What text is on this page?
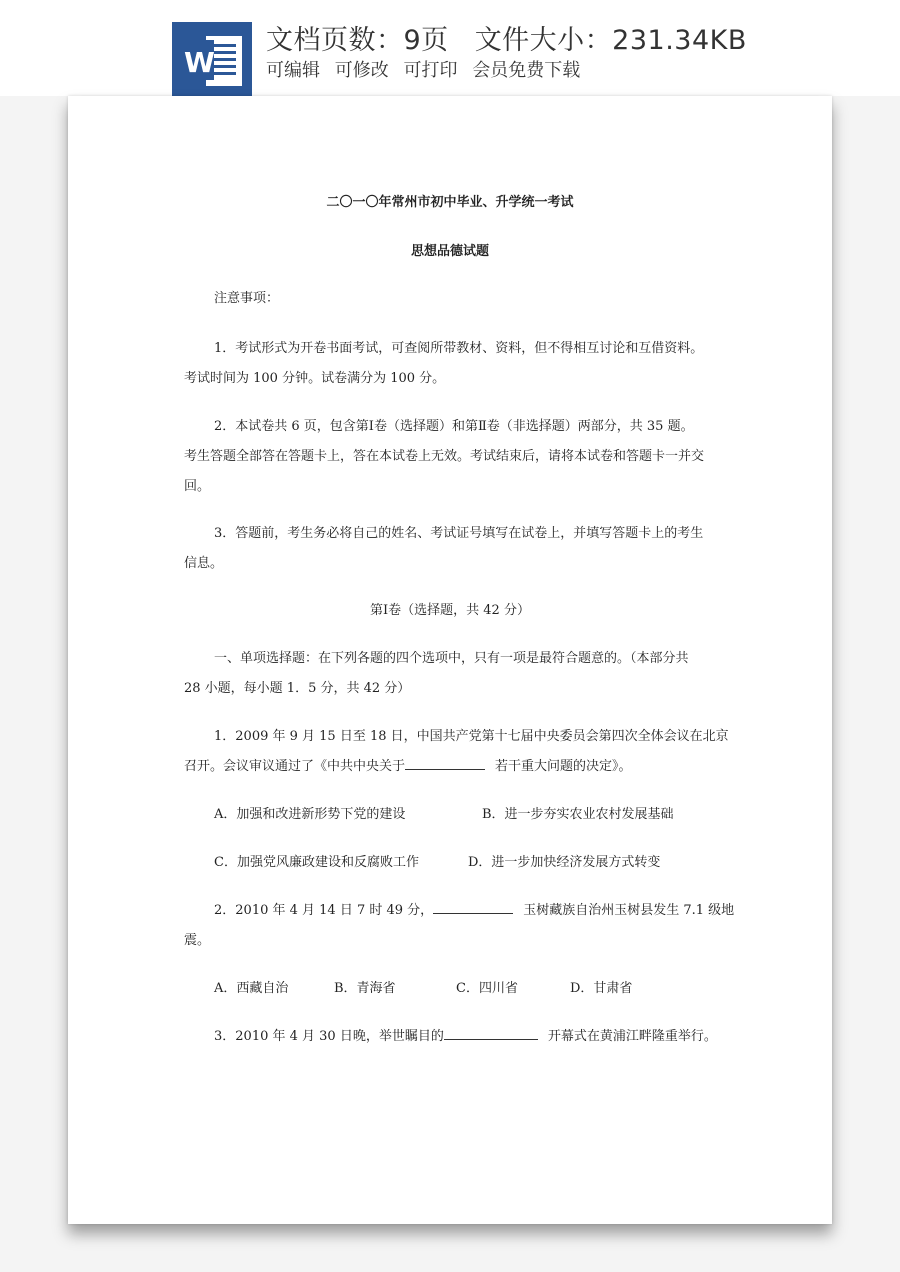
W
文档页数：9页 文件大小：231.34KB
可编辑 可修改 可打印 会员免费下载
二〇一〇年常州市初中毕业、升学统一考试
思想品德试题
注意事项：
1．考试形式为开卷书面考试，可查阅所带教材、资料，但不得相互讨论和互借资料。
考试时间为 100 分钟。试卷满分为 100 分。
2．本试卷共 6 页，包含第Ⅰ卷（选择题）和第Ⅱ卷（非选择题）两部分，共 35 题。
考生答题全部答在答题卡上，答在本试卷上无效。考试结束后，请将本试卷和答题卡一并交
回。
3．答题前，考生务必将自己的姓名、考试证号填写在试卷上，并填写答题卡上的考生
信息。
第Ⅰ卷（选择题，共 42 分）
一、单项选择题：在下列各题的四个选项中，只有一项是最符合题意的。（本部分共
28 小题，每小题 1．5 分，共 42 分）
1．2009 年 9 月 15 日至 18 日，中国共产党第十七届中央委员会第四次全体会议在北京
召开。会议审议通过了《中共中央关于	若干重大问题的决定》。
A．加强和改进新形势下党的建设	B．进一步夯实农业农村发展基础
C．加强党风廉政建设和反腐败工作	D．进一步加快经济发展方式转变
2．2010 年 4 月 14 日 7 时 49 分，	玉树藏族自治州玉树县发生 7.1 级地
震。
A．西藏自治	B．青海省	C．四川省	D．甘肃省
3．2010 年 4 月 30 日晚，举世瞩目的	开幕式在黄浦江畔隆重举行。
